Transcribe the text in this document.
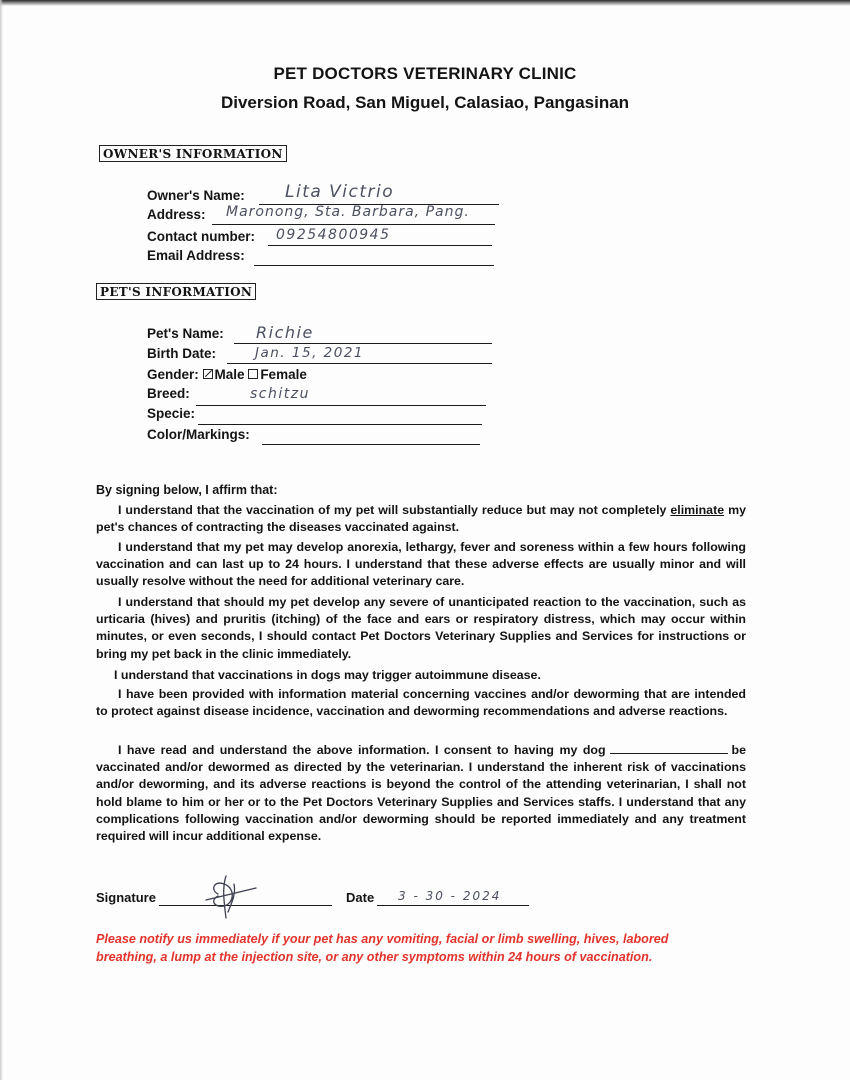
PET DOCTORS VETERINARY CLINIC
Diversion Road, San Miguel, Calasiao, Pangasinan
OWNER'S INFORMATION
Owner's Name: Lita Victrio
Address: Maronong, Sta. Barbara, Pang.
Contact number: 09254800945
Email Address:
PET'S INFORMATION
Pet's Name: Richie
Birth Date:	Jan. 15, 2021
Gender: Male Female
Breed:	schitzu
Specie:
Color/Markings:
By signing below, I affirm that:
I understand that the vaccination of my pet will substantially reduce but may not completely eliminate my pet's chances of contracting the diseases vaccinated against.
I understand that my pet may develop anorexia, lethargy, fever and soreness within a few hours following vaccination and can last up to 24 hours. I understand that these adverse effects are usually minor and will usually resolve without the need for additional veterinary care.
I understand that should my pet develop any severe of unanticipated reaction to the vaccination, such as urticaria (hives) and pruritis (itching) of the face and ears or respiratory distress, which may occur within minutes, or even seconds, I should contact Pet Doctors Veterinary Supplies and Services for instructions or bring my pet back in the clinic immediately.
I understand that vaccinations in dogs may trigger autoimmune disease.
I have been provided with information material concerning vaccines and/or deworming that are intended to protect against disease incidence, vaccination and deworming recommendations and adverse reactions.
I have read and understand the above information. I consent to having my dog	be vaccinated and/or dewormed as directed by the veterinarian. I understand the inherent risk of vaccinations and/or deworming, and its adverse reactions is beyond the control of the attending veterinarian, I shall not hold blame to him or her or to the Pet Doctors Veterinary Supplies and Services staffs. I understand that any complications following vaccination and/or deworming should be reported immediately and any treatment required will incur additional expense.
Signature	Date 3 - 30 - 2024
Please notify us immediately if your pet has any vomiting, facial or limb swelling, hives, labored breathing, a lump at the injection site, or any other symptoms within 24 hours of vaccination.
